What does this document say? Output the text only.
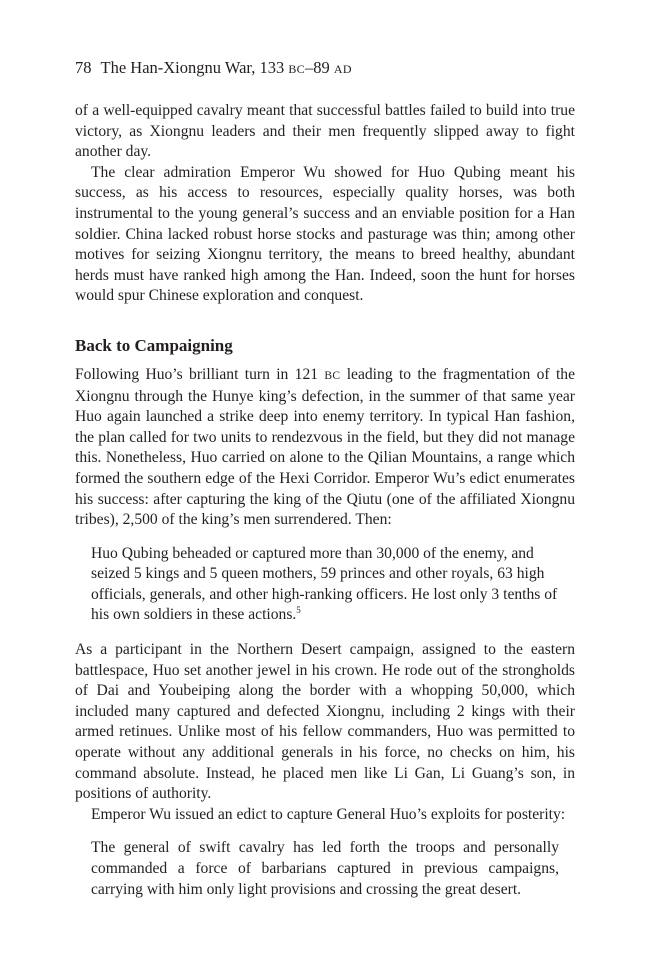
78 The Han-Xiongnu War, 133 BC–89 AD

of a well-equipped cavalry meant that successful battles failed to build into true victory, as Xiongnu leaders and their men frequently slipped away to fight another day.

The clear admiration Emperor Wu showed for Huo Qubing meant his success, as his access to resources, especially quality horses, was both instrumental to the young general’s success and an enviable position for a Han soldier. China lacked robust horse stocks and pasturage was thin; among other motives for seizing Xiongnu territory, the means to breed healthy, abundant herds must have ranked high among the Han. Indeed, soon the hunt for horses would spur Chinese exploration and conquest.

Back to Campaigning

Following Huo’s brilliant turn in 121 BC leading to the fragmentation of the Xiongnu through the Hunye king’s defection, in the summer of that same year Huo again launched a strike deep into enemy territory. In typical Han fashion, the plan called for two units to rendezvous in the field, but they did not manage this. Nonetheless, Huo carried on alone to the Qilian Mountains, a range which formed the southern edge of the Hexi Corridor. Emperor Wu’s edict enumerates his success: after capturing the king of the Qiutu (one of the affiliated Xiongnu tribes), 2,500 of the king’s men surrendered. Then:

Huo Qubing beheaded or captured more than 30,000 of the enemy, and seized 5 kings and 5 queen mothers, 59 princes and other royals, 63 high officials, generals, and other high-ranking officers. He lost only 3 tenths of his own soldiers in these actions.$^5$

As a participant in the Northern Desert campaign, assigned to the eastern battlespace, Huo set another jewel in his crown. He rode out of the strongholds of Dai and Youbeiping along the border with a whopping 50,000, which included many captured and defected Xiongnu, including 2 kings with their armed retinues. Unlike most of his fellow commanders, Huo was permitted to operate without any additional generals in his force, no checks on him, his command absolute. Instead, he placed men like Li Gan, Li Guang’s son, in positions of authority.

Emperor Wu issued an edict to capture General Huo’s exploits for posterity:

The general of swift cavalry has led forth the troops and personally commanded a force of barbarians captured in previous campaigns, carrying with him only light provisions and crossing the great desert.
